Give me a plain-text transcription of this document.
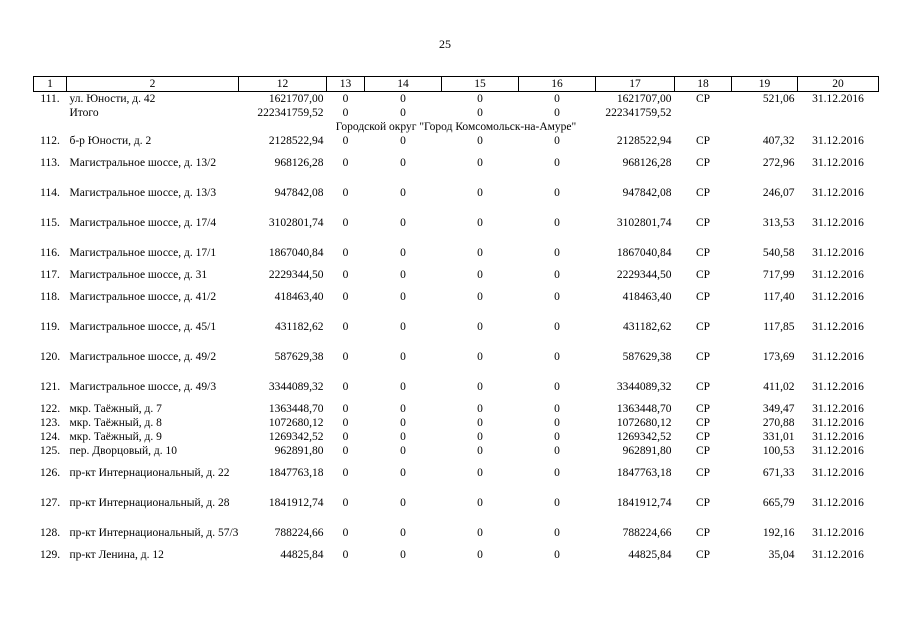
25
1	2	12	13	14	15	16	17	18	19	20
111.	ул. Юности, д. 42	1621707,00	0	0	0	0	1621707,00	СР	521,06	31.12.2016
	Итого	222341759,52	0	0	0	0	222341759,52			
Городской округ "Город Комсомольск-на-Амуре"										
112.	б-р Юности, д. 2	2128522,94	0	0	0	0	2128522,94	СР	407,32	31.12.2016
113.	Магистральное шоссе, д. 13/2	968126,28	0	0	0	0	968126,28	СР	272,96	31.12.2016
114.	Магистральное шоссе, д. 13/3	947842,08	0	0	0	0	947842,08	СР	246,07	31.12.2016
115.	Магистральное шоссе, д. 17/4	3102801,74	0	0	0	0	3102801,74	СР	313,53	31.12.2016
116.	Магистральное шоссе, д. 17/1	1867040,84	0	0	0	0	1867040,84	СР	540,58	31.12.2016
117.	Магистральное шоссе, д. 31	2229344,50	0	0	0	0	2229344,50	СР	717,99	31.12.2016
118.	Магистральное шоссе, д. 41/2	418463,40	0	0	0	0	418463,40	СР	117,40	31.12.2016
119.	Магистральное шоссе, д. 45/1	431182,62	0	0	0	0	431182,62	СР	117,85	31.12.2016
120.	Магистральное шоссе, д. 49/2	587629,38	0	0	0	0	587629,38	СР	173,69	31.12.2016
121.	Магистральное шоссе, д. 49/3	3344089,32	0	0	0	0	3344089,32	СР	411,02	31.12.2016
122.	мкр. Таёжный, д. 7	1363448,70	0	0	0	0	1363448,70	СР	349,47	31.12.2016
123.	мкр. Таёжный, д. 8	1072680,12	0	0	0	0	1072680,12	СР	270,88	31.12.2016
124.	мкр. Таёжный, д. 9	1269342,52	0	0	0	0	1269342,52	СР	331,01	31.12.2016
125.	пер. Дворцовый, д. 10	962891,80	0	0	0	0	962891,80	СР	100,53	31.12.2016
126.	пр-кт Интернациональный, д. 22	1847763,18	0	0	0	0	1847763,18	СР	671,33	31.12.2016
127.	пр-кт Интернациональный, д. 28	1841912,74	0	0	0	0	1841912,74	СР	665,79	31.12.2016
128.	пр-кт Интернациональный, д. 57/3	788224,66	0	0	0	0	788224,66	СР	192,16	31.12.2016
129.	пр-кт Ленина, д. 12	44825,84	0	0	0	0	44825,84	СР	35,04	31.12.2016
